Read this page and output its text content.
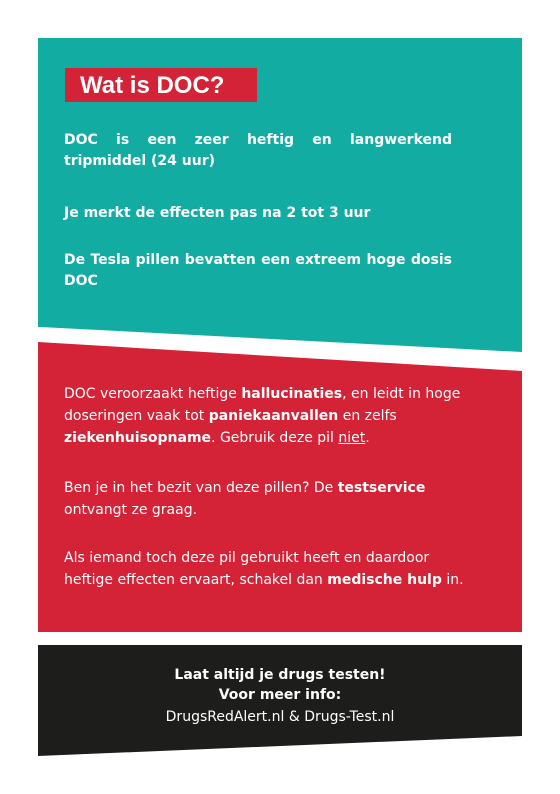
Wat is DOC?

DOC is een zeer heftig en langwerkend tripmiddel (24 uur)

Je merkt de effecten pas na 2 tot 3 uur

De Tesla pillen bevatten een extreem hoge dosis DOC

DOC veroorzaakt heftige hallucinaties, en leidt in hoge doseringen vaak tot paniekaanvallen en zelfs ziekenhuisopname. Gebruik deze pil niet.

Ben je in het bezit van deze pillen? De testservice ontvangt ze graag.

Als iemand toch deze pil gebruikt heeft en daardoor heftige effecten ervaart, schakel dan medische hulp in.

Laat altijd je drugs testen!

Voor meer info:

DrugsRedAlert.nl & Drugs-Test.nl
